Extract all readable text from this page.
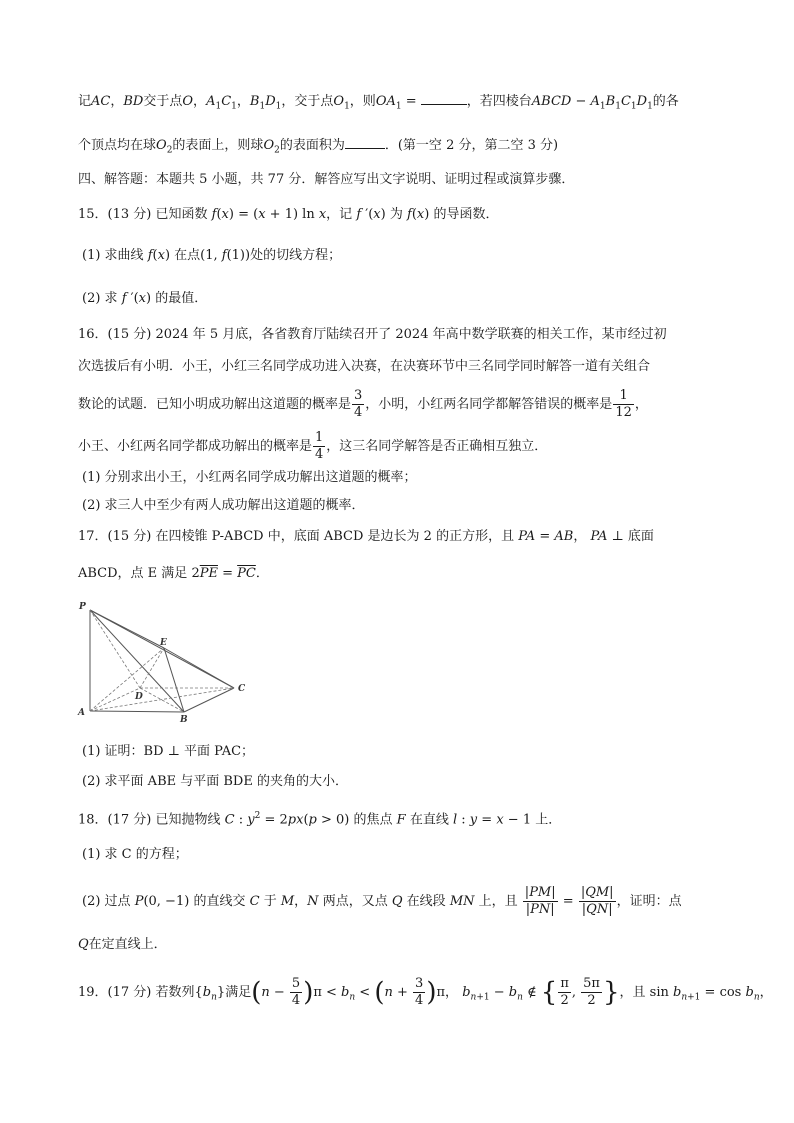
记AC，BD交于点O，$A_1C_1$，$B_1D_1$，交于点$O_1$，则$OA_1$ =	，若四棱台ABCD − $A_1B_1C_1D_1$的各
个顶点均在球$O_2$的表面上，则球$O_2$的表面积为	．(第一空 2 分，第二空 3 分)
四、解答题：本题共 5 小题，共 77 分．解答应写出文字说明、证明过程或演算步骤．
15．(13 分) 已知函数 f(x) = (x + 1) ln x，记 f ′(x) 为 f(x) 的导函数．
(1) 求曲线 f(x) 在点(1, f(1))处的切线方程；
(2) 求 f ′(x) 的最值．
16．(15 分) 2024 年 5 月底，各省教育厅陆续召开了 2024 年高中数学联赛的相关工作，某市经过初
次选拔后有小明．小王，小红三名同学成功进入决赛，在决赛环节中三名同学同时解答一道有关组合
数论的试题．已知小明成功解出这道题的概率是 $\frac{3}{4}$ ，小明，小红两名同学都解答错误的概率是 $\frac{1}{12}$ ，
小王、小红两名同学都成功解出的概率是 $\frac{1}{4}$ ，这三名同学解答是否正确相互独立．
(1) 分别求出小王，小红两名同学成功解出这道题的概率；
(2) 求三人中至少有两人成功解出这道题的概率．
17．(15 分) 在四棱锥 P-ABCD 中，底面 ABCD 是边长为 2 的正方形，且 PA = AB， PA ⊥ 底面
ABCD，点 E 满足 $2\overline{PE} = \overline{PC}$．
P
E
D
A
B
C
(1) 证明：BD ⊥ 平面 PAC；
(2) 求平面 ABE 与平面 BDE 的夹角的大小．
18．(17 分) 已知抛物线 C : $y^2 = 2px(p > 0)$ 的焦点 F 在直线 l : y = x − 1 上．
(1) 求 C 的方程；
(2) 过点 P(0, −1) 的直线交 C 于 M，N 两点，又点 Q 在线段 MN 上，且 $\frac{|PM|}{|PN|} = \frac{|QM|}{|QN|}$ ，证明：点
Q在定直线上．
19．(17 分) 若数列$\{b_n\}$满足$(n - \frac{5}{4} )\pi < b_n < (n + \frac{3}{4} )\pi$， $b_{n+1} - b_n$ ∉ { $\frac{\pi}{2}$ , $\frac{5\pi}{2}$ }，且 $\sin b_{n+1} = \cos b_n$，
